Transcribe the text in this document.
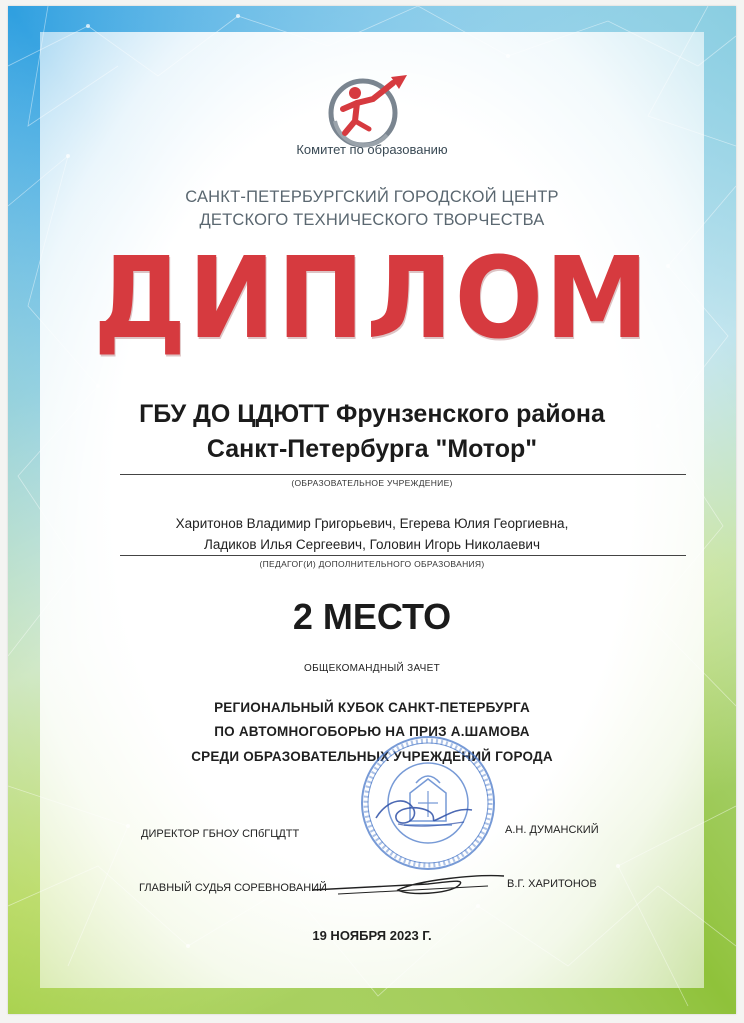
Комитет по образованию
САНКТ-ПЕТЕРБУРГСКИЙ ГОРОДСКОЙ ЦЕНТР
ДЕТСКОГО ТЕХНИЧЕСКОГО ТВОРЧЕСТВА
ДИПЛОМ
ГБУ ДО ЦДЮТТ Фрунзенского района
Санкт-Петербурга "Мотор"
(ОБРАЗОВАТЕЛЬНОЕ УЧРЕЖДЕНИЕ)
Харитонов Владимир Григорьевич, Егерева Юлия Георгиевна,
Ладиков Илья Сергеевич, Головин Игорь Николаевич
(ПЕДАГОГ(И) ДОПОЛНИТЕЛЬНОГО ОБРАЗОВАНИЯ)
2 МЕСТО
ОБЩЕКОМАНДНЫЙ ЗАЧЕТ
РЕГИОНАЛЬНЫЙ КУБОК САНКТ-ПЕТЕРБУРГА
ПО АВТОМНОГОБОРЬЮ НА ПРИЗ А.ШАМОВА
СРЕДИ ОБРАЗОВАТЕЛЬНЫХ УЧРЕЖДЕНИЙ ГОРОДА
ДИРЕКТОР ГБНОУ СПбГЦДТТ	А.Н. ДУМАНСКИЙ
ГЛАВНЫЙ СУДЬЯ СОРЕВНОВАНИЙ	В.Г. ХАРИТОНОВ
19 НОЯБРЯ 2023 Г.
